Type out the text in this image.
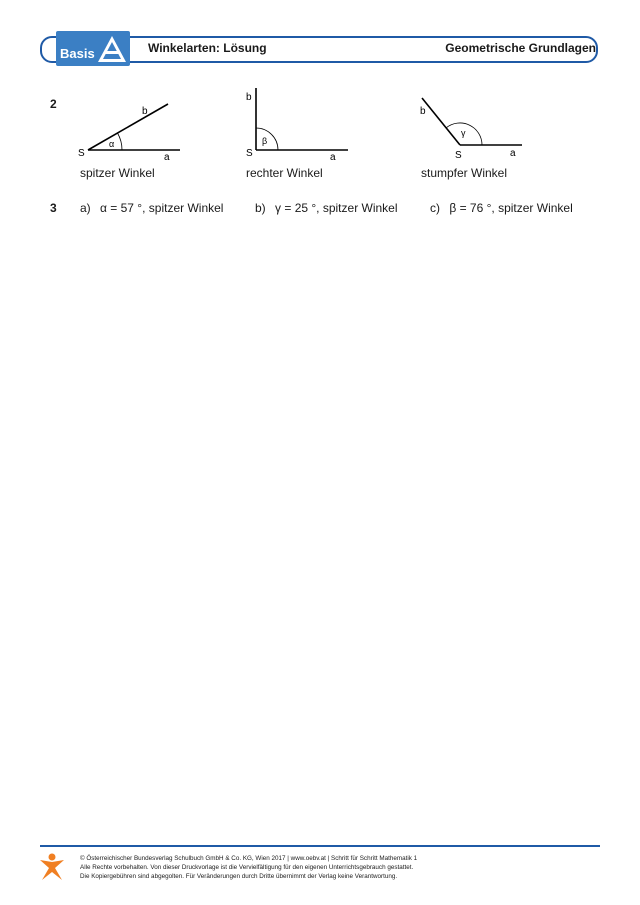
Basis	Winkelarten: Lösung	Geometrische Grundlagen
2
S	a
b
α
spitzer Winkel
S	a
b
β
rechter Winkel
S	a
b
γ
stumpfer Winkel
3 a) α = 57 °, spitzer Winkel	b) γ = 25 °, spitzer Winkel	c) β = 76 °, spitzer Winkel
© Österreichischer Bundesverlag Schulbuch GmbH & Co. KG, Wien 2017 | www.oebv.at | Schritt für Schritt Mathematik 1
Alle Rechte vorbehalten. Von dieser Druckvorlage ist die Vervielfältigung für den eigenen Unterrichtsgebrauch gestattet.
Die Kopiergebühren sind abgegolten. Für Veränderungen durch Dritte übernimmt der Verlag keine Verantwortung.
